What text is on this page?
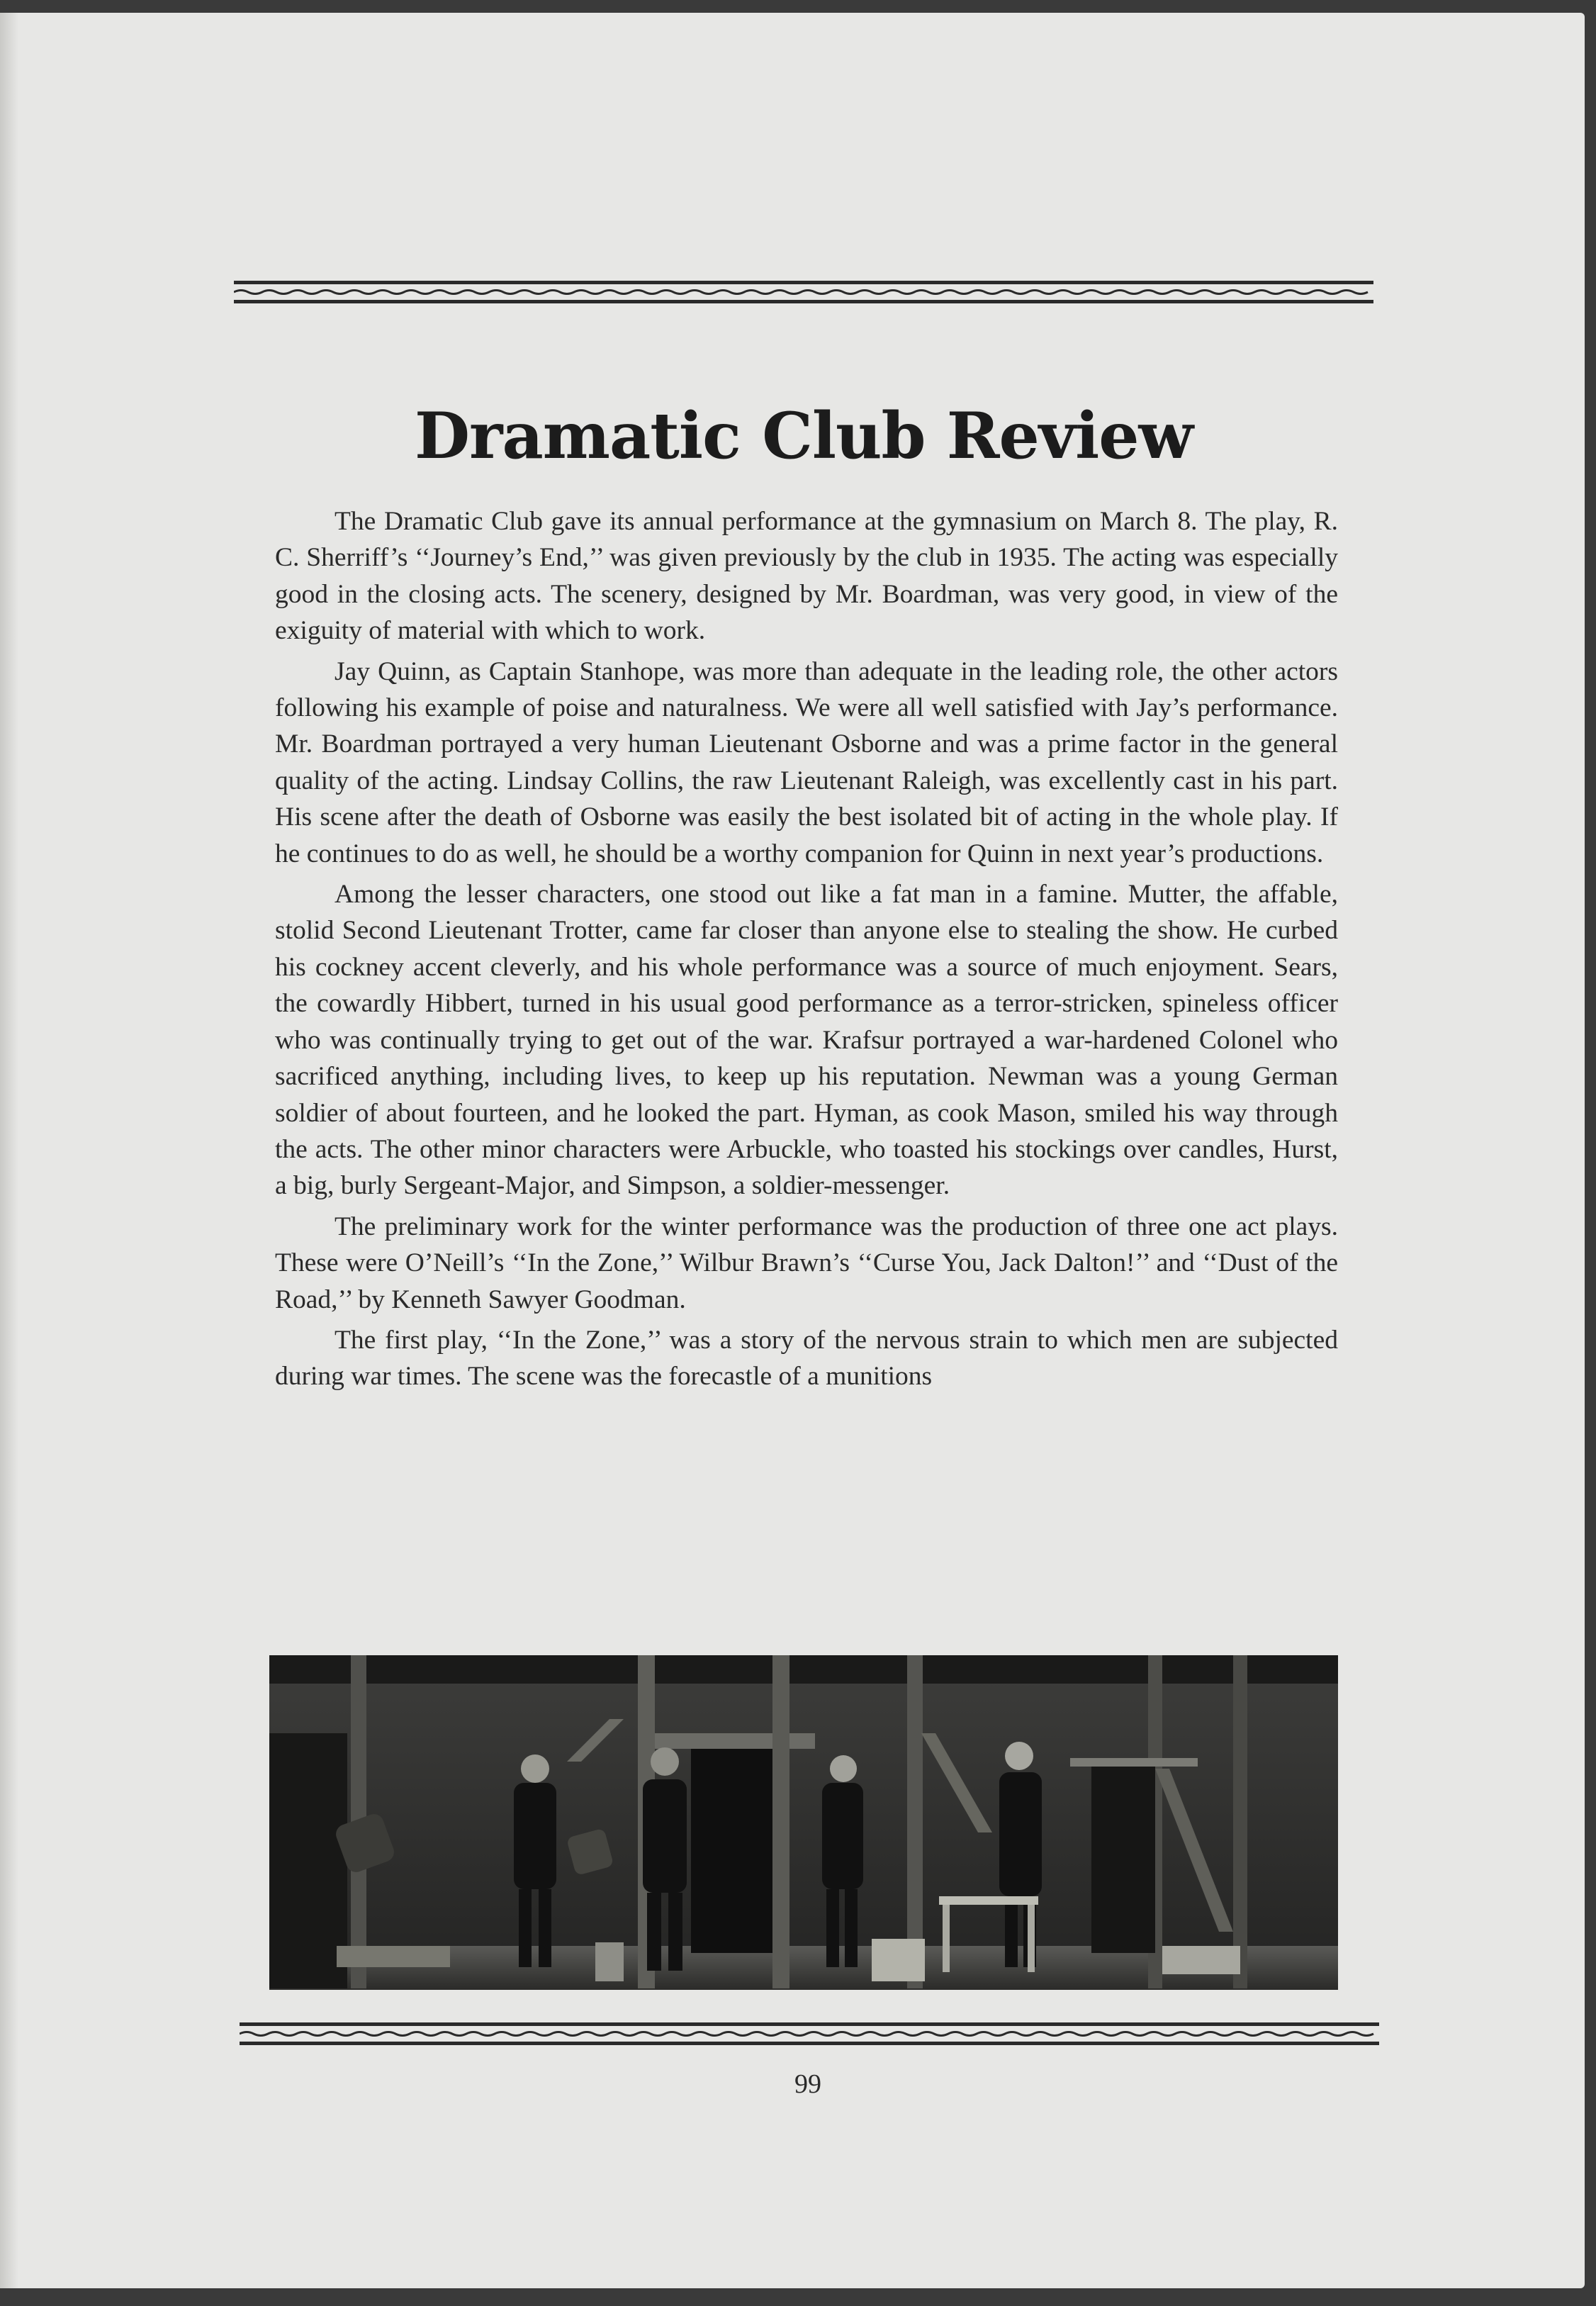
Dramatic Club Review

The Dramatic Club gave its annual performance at the gymnasium on March 8. The play, R. C. Sherriff’s ‘‘Journey’s End,’’ was given previously by the club in 1935. The acting was especially good in the closing acts. The scenery, designed by Mr. Boardman, was very good, in view of the exiguity of material with which to work.

Jay Quinn, as Captain Stanhope, was more than adequate in the leading role, the other actors following his example of poise and naturalness. We were all well satisfied with Jay’s performance. Mr. Boardman portrayed a very human Lieutenant Osborne and was a prime factor in the general quality of the acting. Lindsay Collins, the raw Lieutenant Raleigh, was excellently cast in his part. His scene after the death of Osborne was easily the best isolated bit of acting in the whole play. If he continues to do as well, he should be a worthy companion for Quinn in next year’s productions.

Among the lesser characters, one stood out like a fat man in a famine. Mutter, the affable, stolid Second Lieutenant Trotter, came far closer than anyone else to stealing the show. He curbed his cockney accent cleverly, and his whole performance was a source of much enjoyment. Sears, the cowardly Hibbert, turned in his usual good performance as a terror-stricken, spineless officer who was continually trying to get out of the war. Krafsur portrayed a war-hardened Colonel who sacrificed anything, including lives, to keep up his reputation. Newman was a young German soldier of about fourteen, and he looked the part. Hyman, as cook Mason, smiled his way through the acts. The other minor characters were Arbuckle, who toasted his stockings over candles, Hurst, a big, burly Sergeant-Major, and Simpson, a soldier-messenger.

The preliminary work for the winter performance was the production of three one act plays. These were O’Neill’s ‘‘In the Zone,’’ Wilbur Brawn’s ‘‘Curse You, Jack Dalton!’’ and ‘‘Dust of the Road,’’ by Kenneth Sawyer Goodman.

The first play, ‘‘In the Zone,’’ was a story of the nervous strain to which men are subjected during war times. The scene was the forecastle of a munitions

99
